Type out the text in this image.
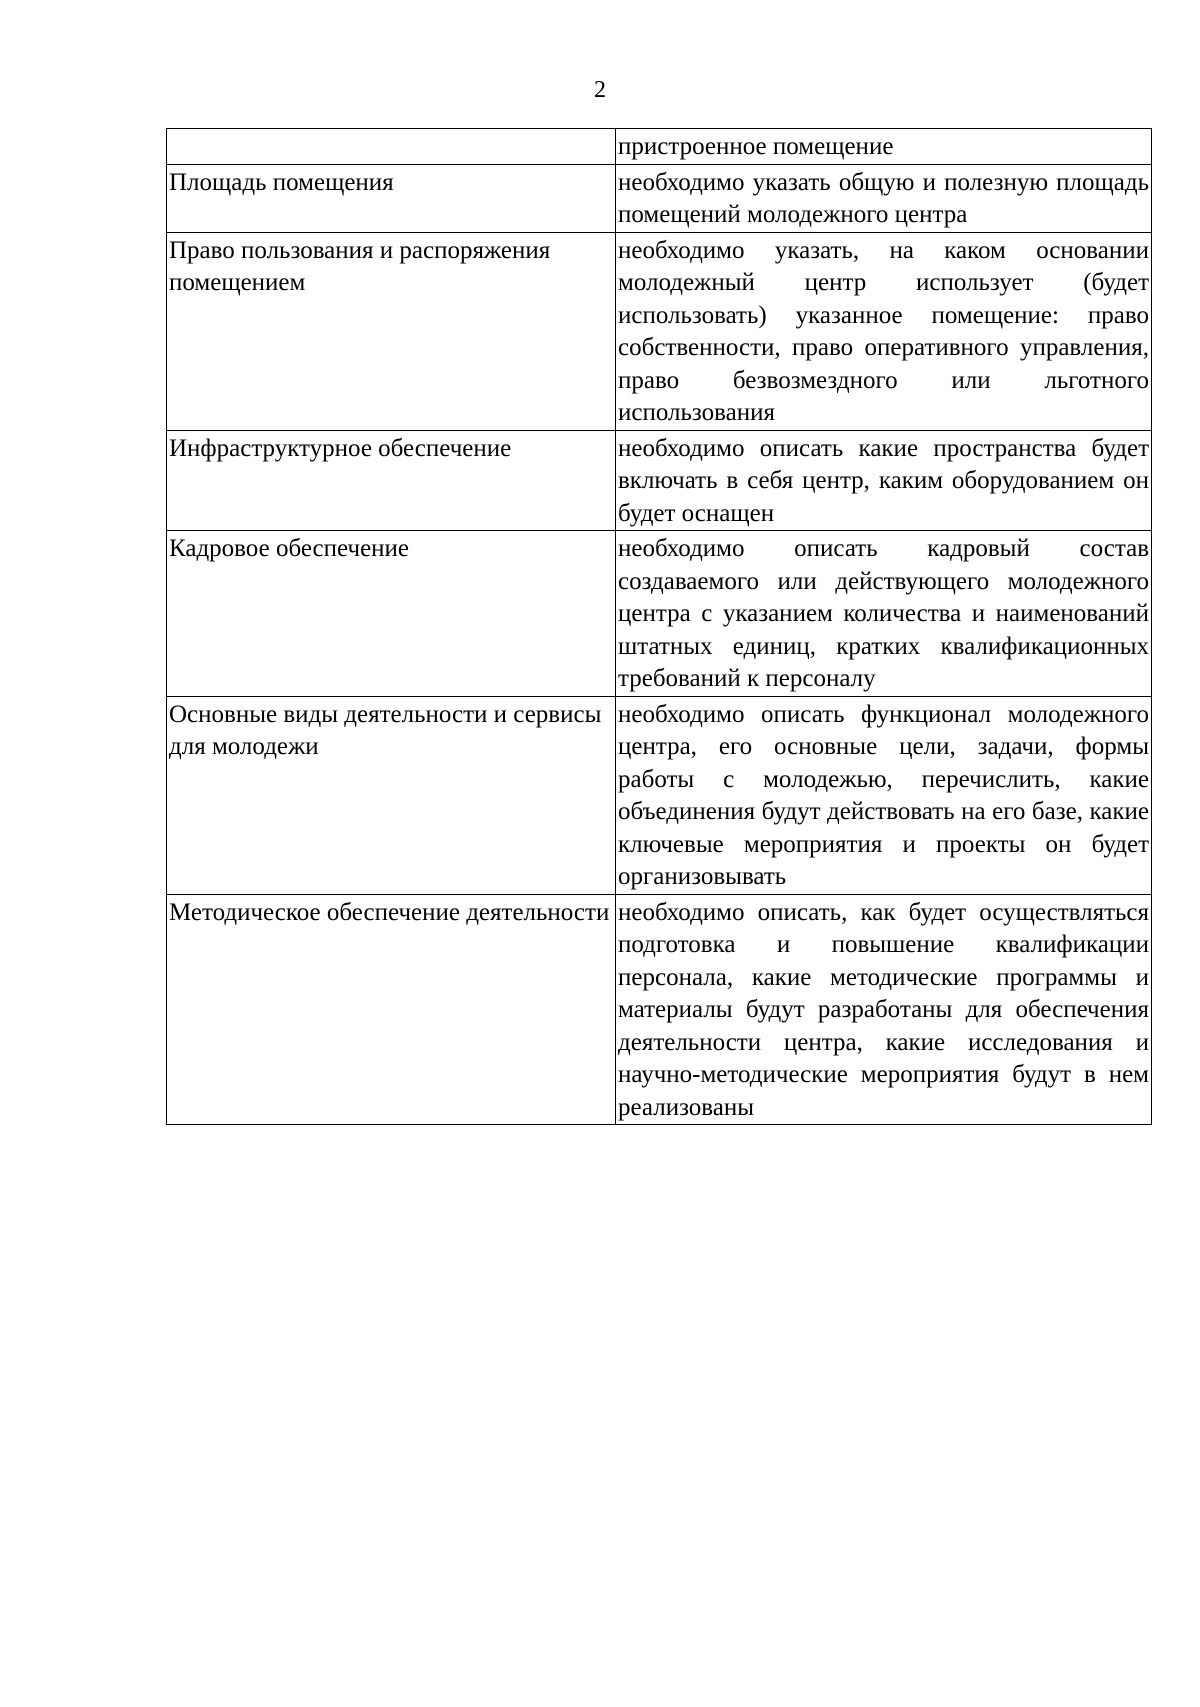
2
	пристроенное помещение
Площадь помещения	необходимо указать общую и полезную площадь помещений молодежного центра
Право пользования и распоряжения помещением	необходимо указать, на каком основании молодежный центр использует (будет использовать) указанное помещение: право собственности, право оперативного управления, право безвозмездного или льготного использования
Инфраструктурное обеспечение	необходимо описать какие пространства будет включать в себя центр, каким оборудованием он будет оснащен
Кадровое обеспечение	необходимо описать кадровый состав создаваемого или действующего молодежного центра с указанием количества и наименований штатных единиц, кратких квалификационных требований к персоналу
Основные виды деятельности и сервисы для молодежи	необходимо описать функционал молодежного центра, его основные цели, задачи, формы работы с молодежью, перечислить, какие объединения будут действовать на его базе, какие ключевые мероприятия и проекты он будет организовывать
Методическое обеспечение деятельности	необходимо описать, как будет осуществляться подготовка и повышение квалификации персонала, какие методические программы и материалы будут разработаны для обеспечения деятельности центра, какие исследования и научно-методические мероприятия будут в нем реализованы
